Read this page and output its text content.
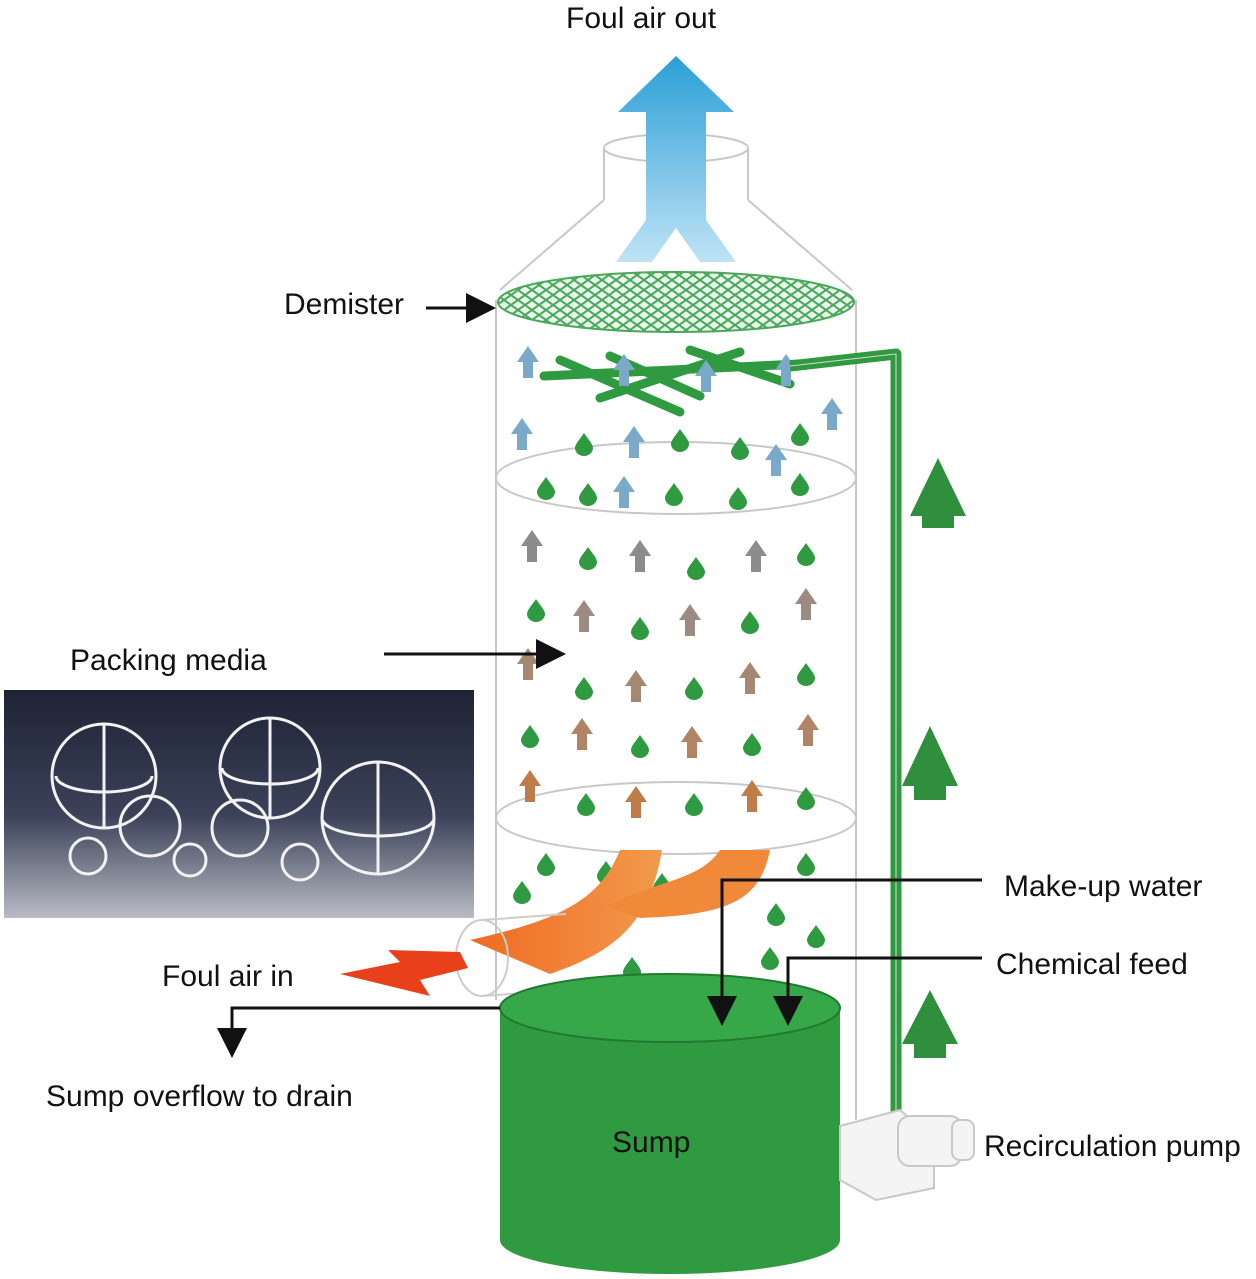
Foul air out
Demister
Packing media
Make-up water
Chemical feed
Foul air in
Sump overflow to drain
Sump	Recirculation pump
